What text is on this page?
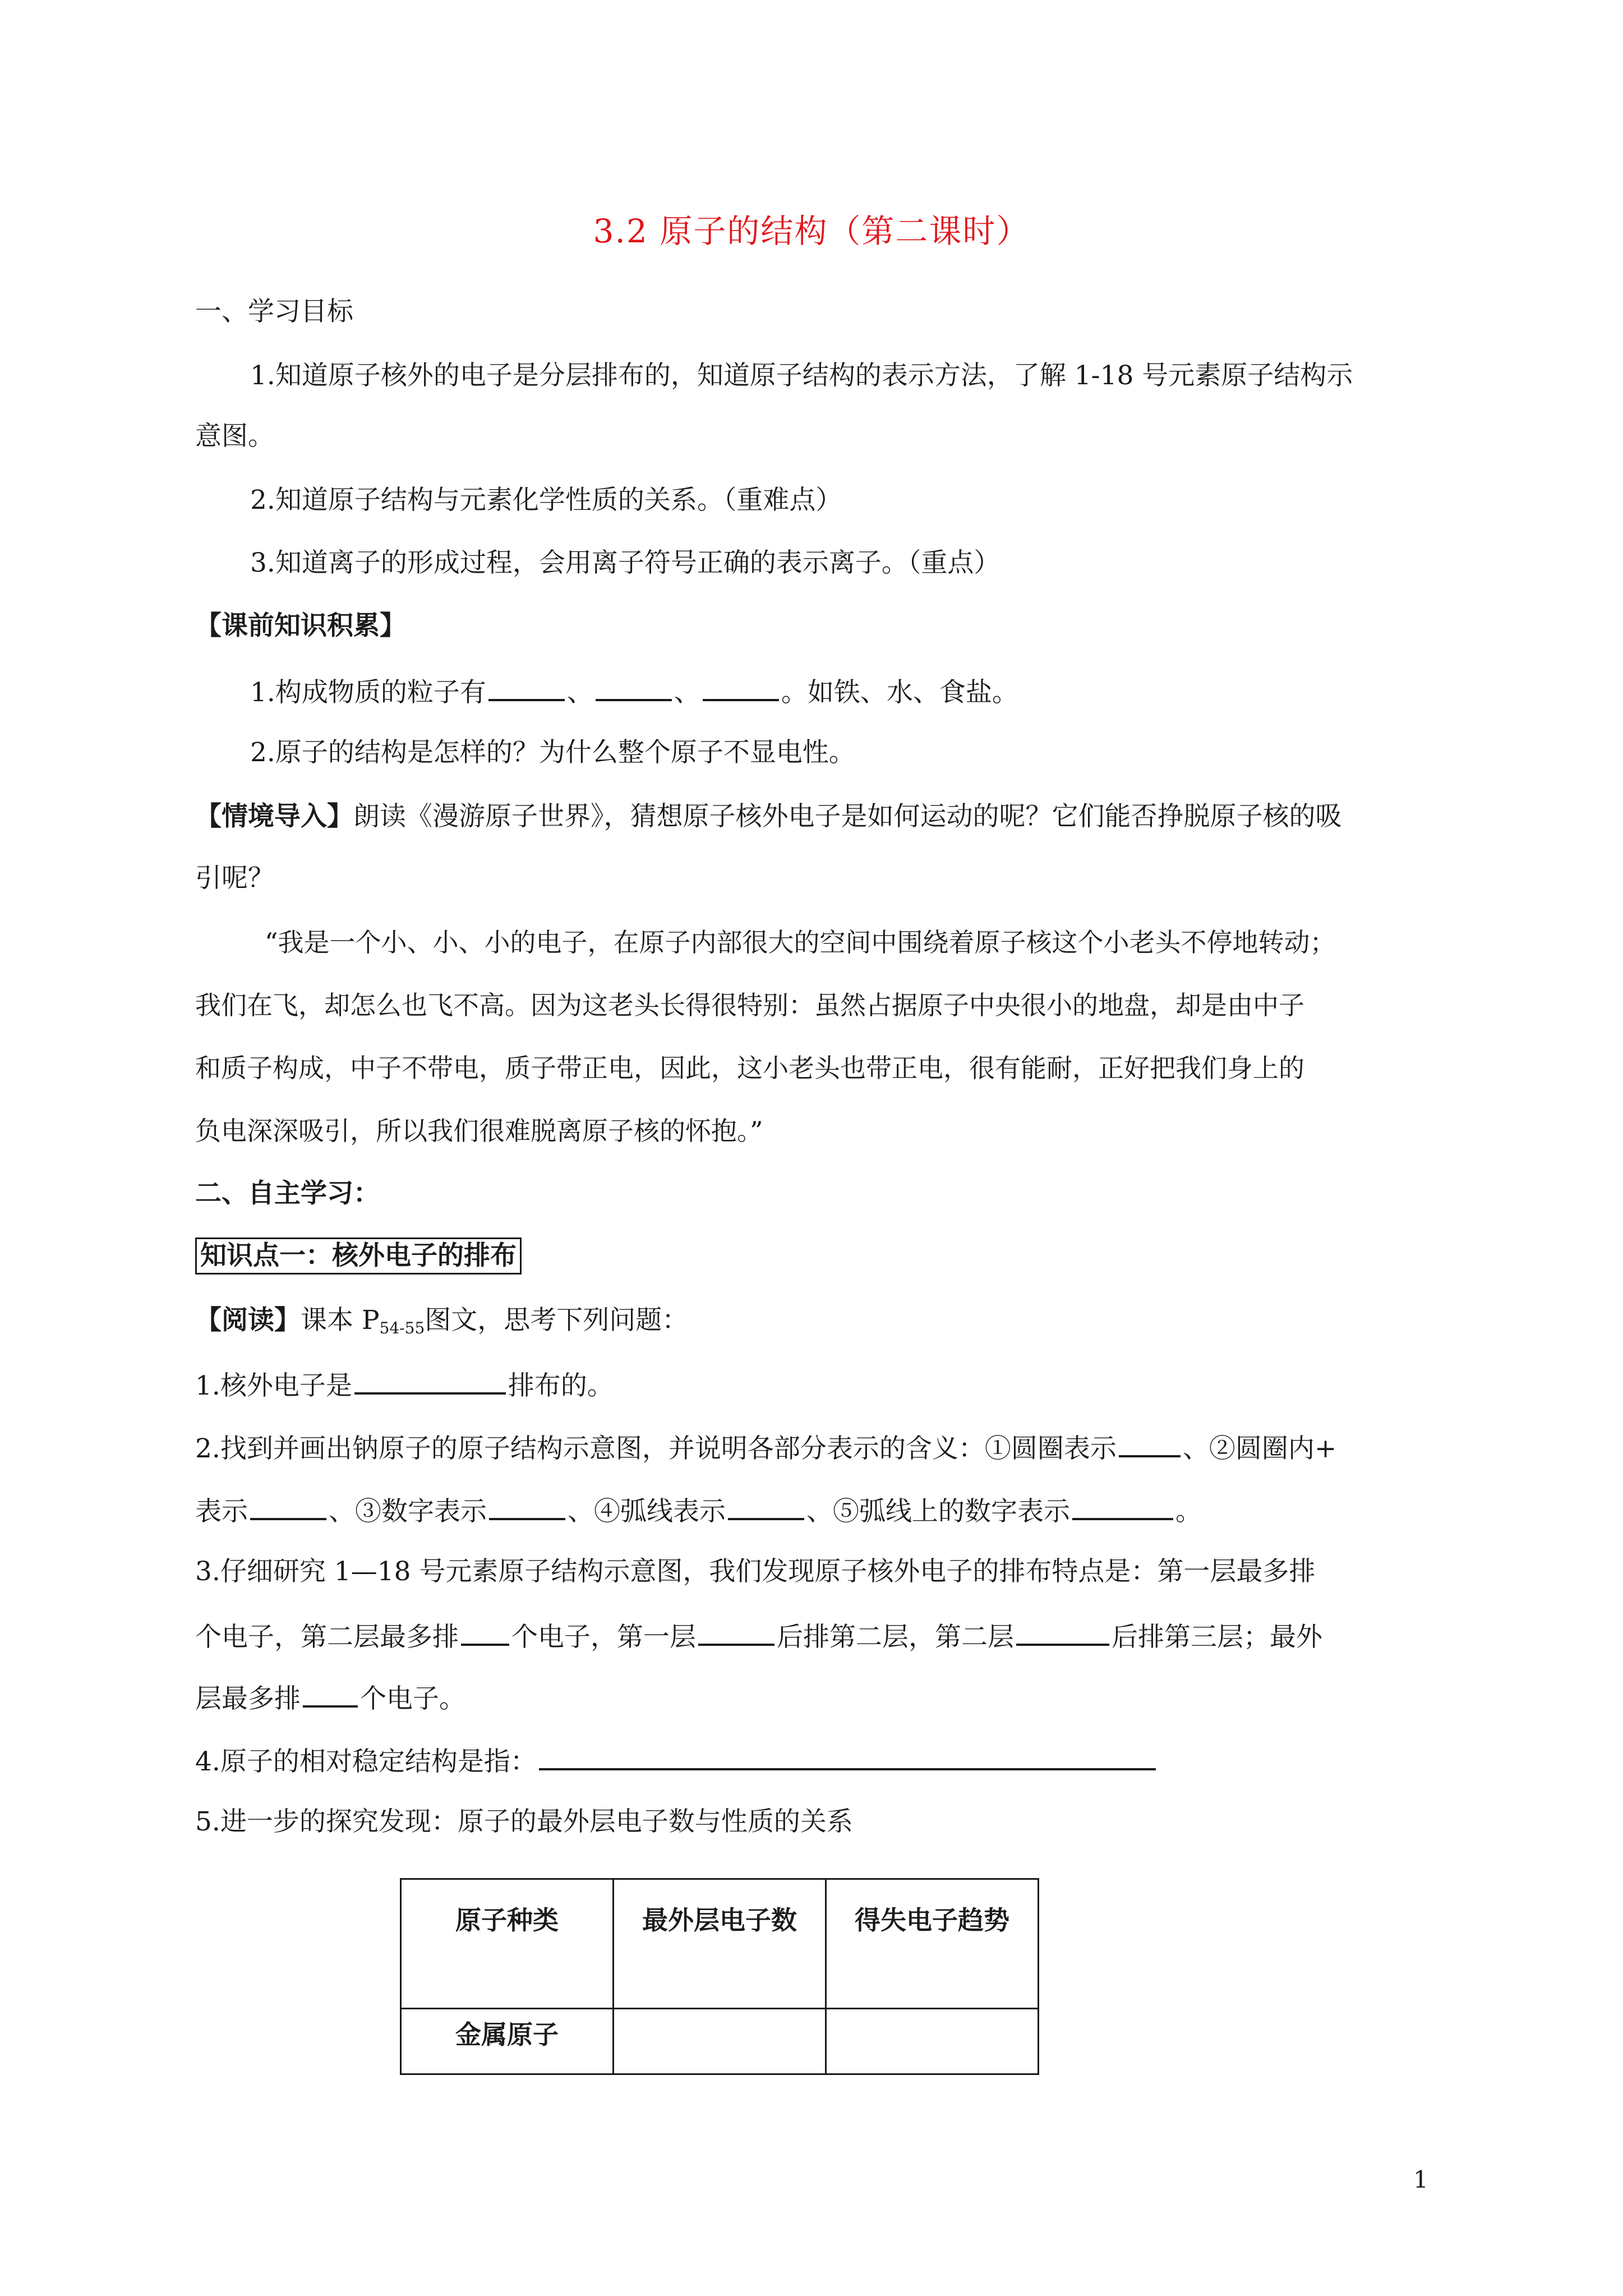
3.2 原子的结构（第二课时）
一、学习目标
1.知道原子核外的电子是分层排布的，知道原子结构的表示方法，了解 1-18 号元素原子结构示
意图。
2.知道原子结构与元素化学性质的关系。（重难点）
3.知道离子的形成过程，会用离子符号正确的表示离子。（重点）
【课前知识积累】
1.构成物质的粒子有	、	、	。如铁、水、食盐。
2.原子的结构是怎样的？为什么整个原子不显电性。
【情境导入】朗读《漫游原子世界》，猜想原子核外电子是如何运动的呢？它们能否挣脱原子核的吸
引呢？
“我是一个小、小、小的电子，在原子内部很大的空间中围绕着原子核这个小老头不停地转动；
我们在飞，却怎么也飞不高。因为这老头长得很特别：虽然占据原子中央很小的地盘，却是由中子
和质子构成，中子不带电，质子带正电，因此，这小老头也带正电，很有能耐，正好把我们身上的
负电深深吸引，所以我们很难脱离原子核的怀抱。”
二、自主学习：
知识点一：核外电子的排布
【阅读】课本 $P_{54-55}$图文，思考下列问题：
1.核外电子是	排布的。
2.找到并画出钠原子的原子结构示意图，并说明各部分表示的含义：①圆圈表示	、②圆圈内+
表示	、③数字表示	、④弧线表示	、⑤弧线上的数字表示	。
3.仔细研究 1—18 号元素原子结构示意图，我们发现原子核外电子的排布特点是：第一层最多排
个电子，第二层最多排 个电子，第一层	后排第二层，第二层	后排第三层；最外
层最多排 个电子。
4.原子的相对稳定结构是指：
5.进一步的探究发现：原子的最外层电子数与性质的关系
原子种类	最外层电子数	得失电子趋势
金属原子		
1
